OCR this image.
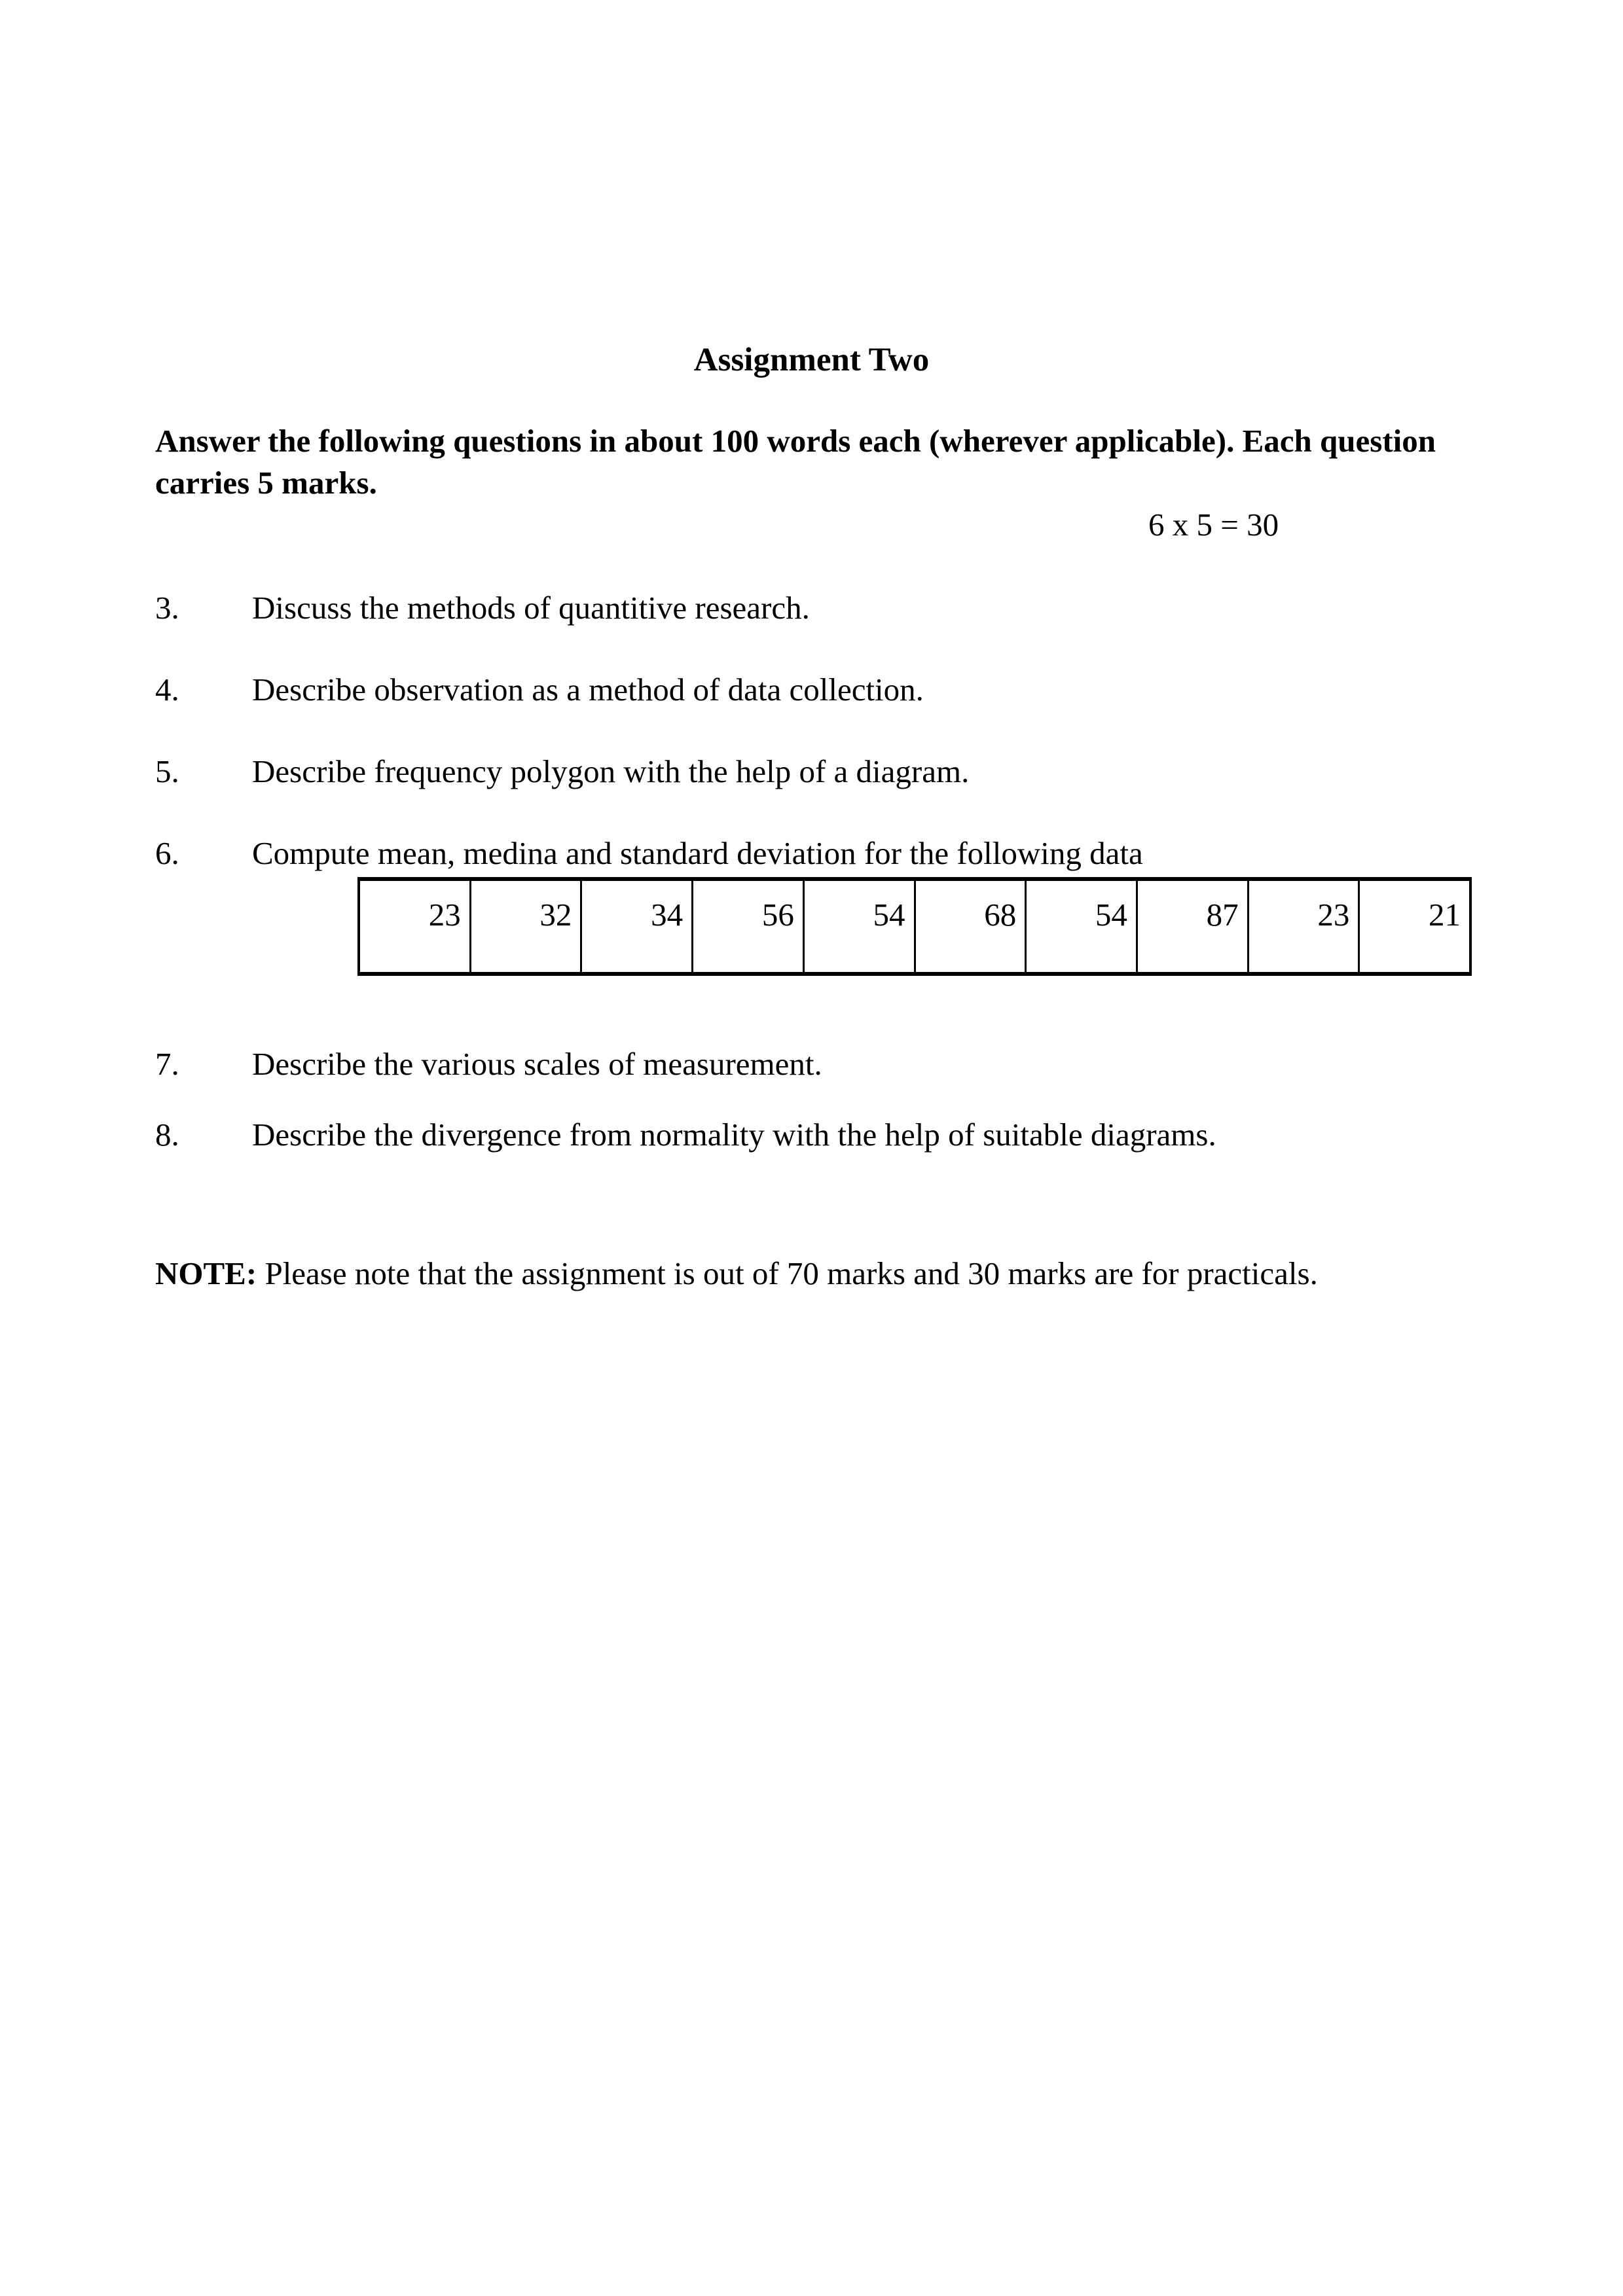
Assignment Two
Answer the following questions in about 100 words each (wherever applicable). Each question
carries 5 marks.
6 x 5 = 30
3.	Discuss the methods of quantitive research.
4.	Describe observation as a method of data collection.
5.	Describe frequency polygon with the help of a diagram.
6.	Compute mean, medina and standard deviation for the following data
23	32	34	56	54	68	54	87	23	21
7.	Describe the various scales of measurement.
8.	Describe the divergence from normality with the help of suitable diagrams.
NOTE: Please note that the assignment is out of 70 marks and 30 marks are for practicals.
